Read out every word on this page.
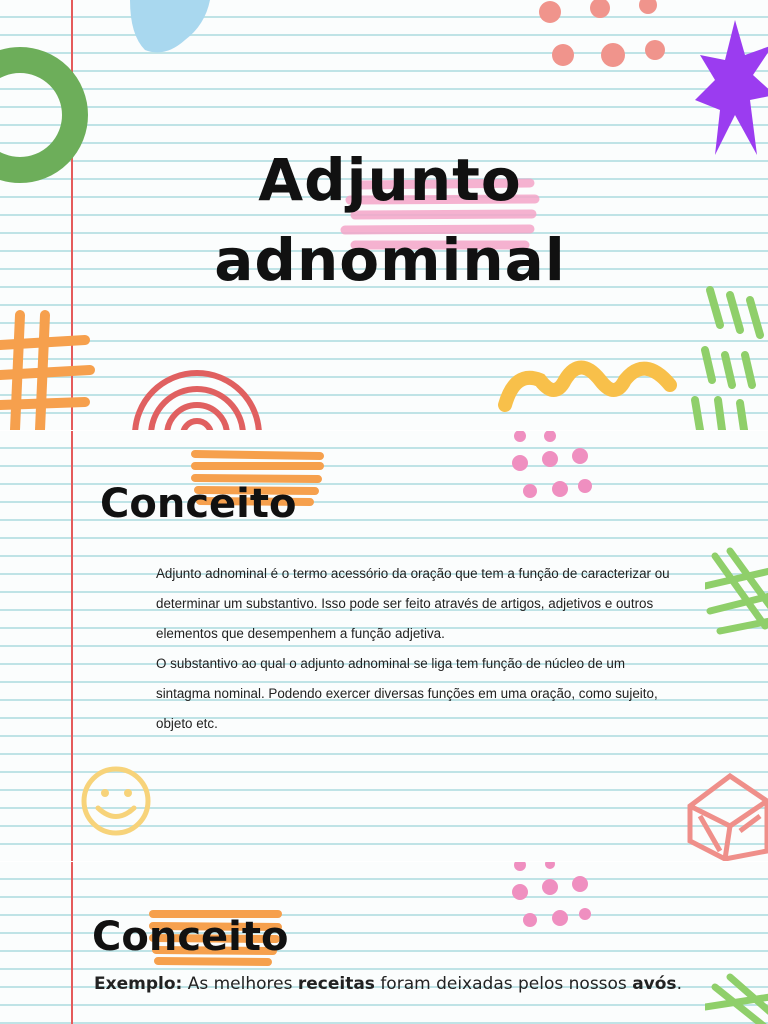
Adjunto
adnominal
Conceito

Adjunto adnominal é o termo acessório da oração que tem a função de caracterizar ou determinar um substantivo. Isso pode ser feito através de artigos, adjetivos e outros elementos que desempenhem a função adjetiva.

O substantivo ao qual o adjunto adnominal se liga tem função de núcleo de um sintagma nominal. Podendo exercer diversas funções em uma oração, como sujeito, objeto etc.

Conceito
Exemplo: As melhores receitas foram deixadas pelos nossos avós.
